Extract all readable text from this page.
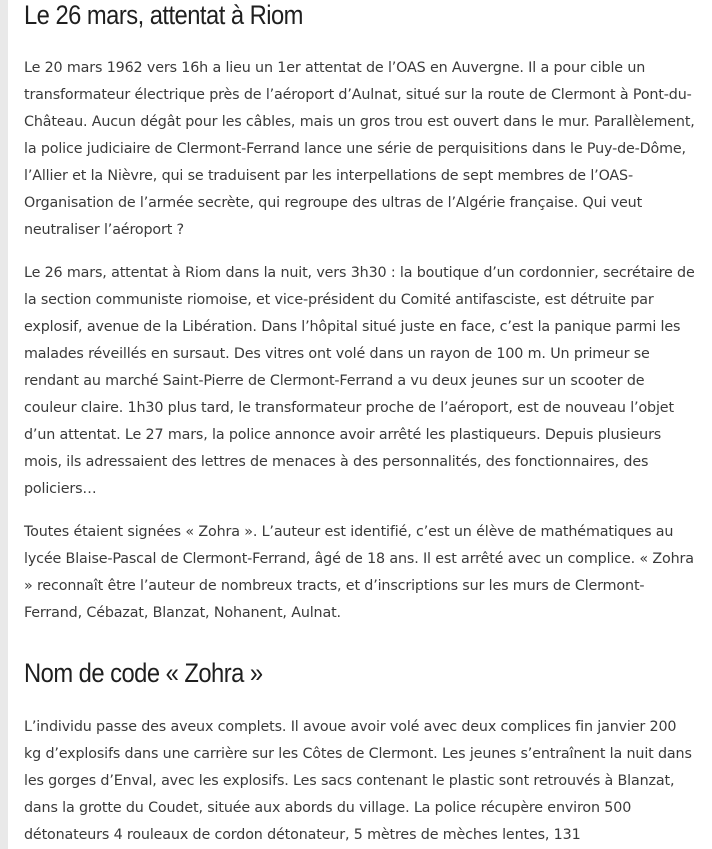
Le 26 mars, attentat à Riom

Le 20 mars 1962 vers 16h a lieu un 1er attentat de l’OAS en Auvergne. Il a pour cible un transformateur électrique près de l’aéroport d’Aulnat, situé sur la route de Clermont à Pont-du-Château. Aucun dégât pour les câbles, mais un gros trou est ouvert dans le mur. Parallèlement, la police judiciaire de Clermont-Ferrand lance une série de perquisitions dans le Puy-de-Dôme, l’Allier et la Nièvre, qui se traduisent par les interpellations de sept membres de l’OAS- Organisation de l’armée secrète, qui regroupe des ultras de l’Algérie française. Qui veut neutraliser l’aéroport ?

Le 26 mars, attentat à Riom dans la nuit, vers 3h30 : la boutique d’un cordonnier, secrétaire de la section communiste riomoise, et vice-président du Comité antifasciste, est détruite par explosif, avenue de la Libération. Dans l’hôpital situé juste en face, c’est la panique parmi les malades réveillés en sursaut. Des vitres ont volé dans un rayon de 100 m. Un primeur se rendant au marché Saint-Pierre de Clermont-Ferrand a vu deux jeunes sur un scooter de couleur claire. 1h30 plus tard, le transformateur proche de l’aéroport, est de nouveau l’objet d’un attentat. Le 27 mars, la police annonce avoir arrêté les plastiqueurs. Depuis plusieurs mois, ils adressaient des lettres de menaces à des personnalités, des fonctionnaires, des policiers…

Toutes étaient signées « Zohra ». L’auteur est identifié, c’est un élève de mathématiques au lycée Blaise-Pascal de Clermont-Ferrand, âgé de 18 ans. Il est arrêté avec un complice. « Zohra » reconnaît être l’auteur de nombreux tracts, et d’inscriptions sur les murs de Clermont-Ferrand, Cébazat, Blanzat, Nohanent, Aulnat.

Nom de code « Zohra »

L’individu passe des aveux complets. Il avoue avoir volé avec deux complices fin janvier 200 kg d’explosifs dans une carrière sur les Côtes de Clermont. Les jeunes s’entraînent la nuit dans les gorges d’Enval, avec les explosifs. Les sacs contenant le plastic sont retrouvés à Blanzat, dans la grotte du Coudet, située aux abords du village. La police récupère environ 500 détonateurs 4 rouleaux de cordon détonateur, 5 mètres de mèches lentes, 131
